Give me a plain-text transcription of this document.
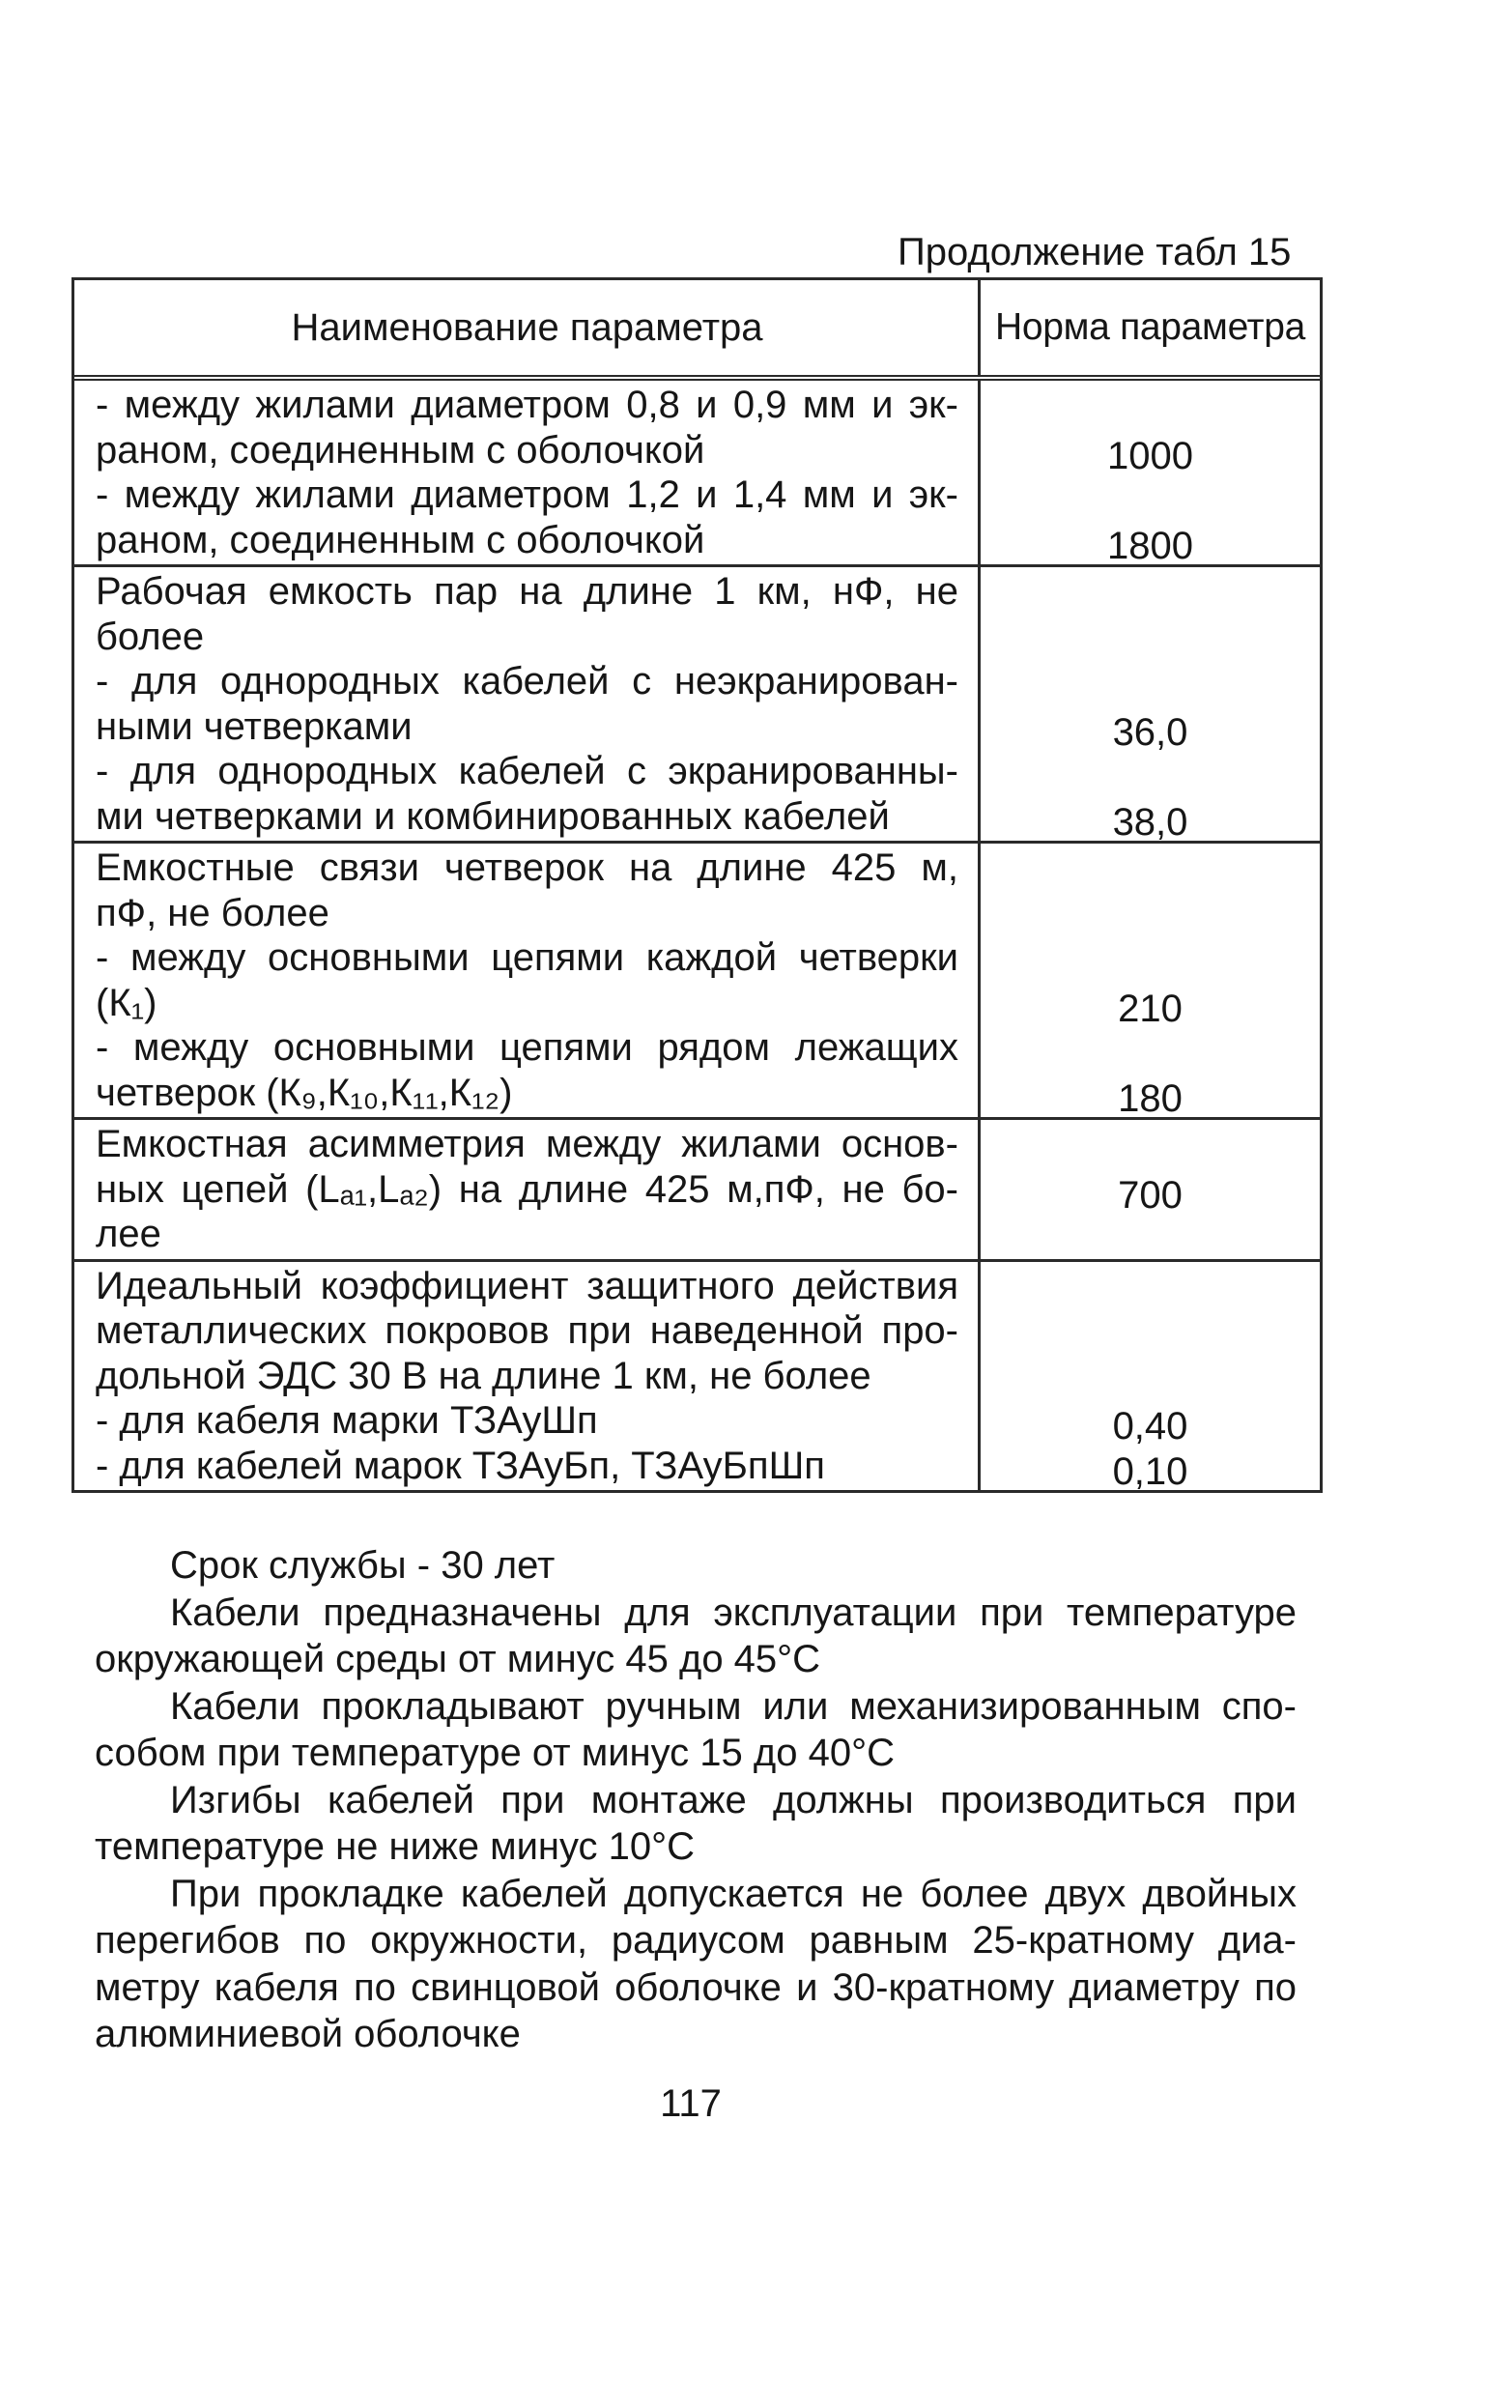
Продолжение табл 15
Наименование параметра	Норма параметра
- между жилами диаметром 0,8 и 0,9 мм и эк-
раном, соединенным с оболочкой
- между жилами диаметром 1,2 и 1,4 мм и эк-
раном, соединенным с оболочкой
1000
1800
Рабочая емкость пар на длине 1 км, нФ, не
более
- для однородных кабелей с неэкранирован-
ными четверками
- для однородных кабелей с экранированны-
ми четверками и комбинированных кабелей
36,0
38,0
Емкостные связи четверок на длине 425 м,
пФ, не более
- между основными цепями каждой четверки
(К₁)
- между основными цепями рядом лежащих
четверок (К₉,К₁₀,К₁₁,К₁₂)
210
180
Емкостная асимметрия между жилами основ-
ных цепей (Lₐ₁,Lₐ₂) на длине 425 м,пФ, не бо-
лее
700
Идеальный коэффициент защитного действия
металлических покровов при наведенной про-
дольной ЭДС 30 В на длине 1 км, не более
- для кабеля марки ТЗАуШп
- для кабелей марок ТЗАуБп, ТЗАуБпШп
0,40
0,10
Срок службы - 30 лет
Кабели предназначены для эксплуатации при температуре
окружающей среды от минус 45 до 45°С
Кабели прокладывают ручным или механизированным спо-
собом при температуре от минус 15 до 40°С
Изгибы кабелей при монтаже должны производиться при
температуре не ниже минус 10°С
При прокладке кабелей допускается не более двух двойных
перегибов по окружности, радиусом равным 25-кратному диа-
метру кабеля по свинцовой оболочке и 30-кратному диаметру по
алюминиевой оболочке
117
